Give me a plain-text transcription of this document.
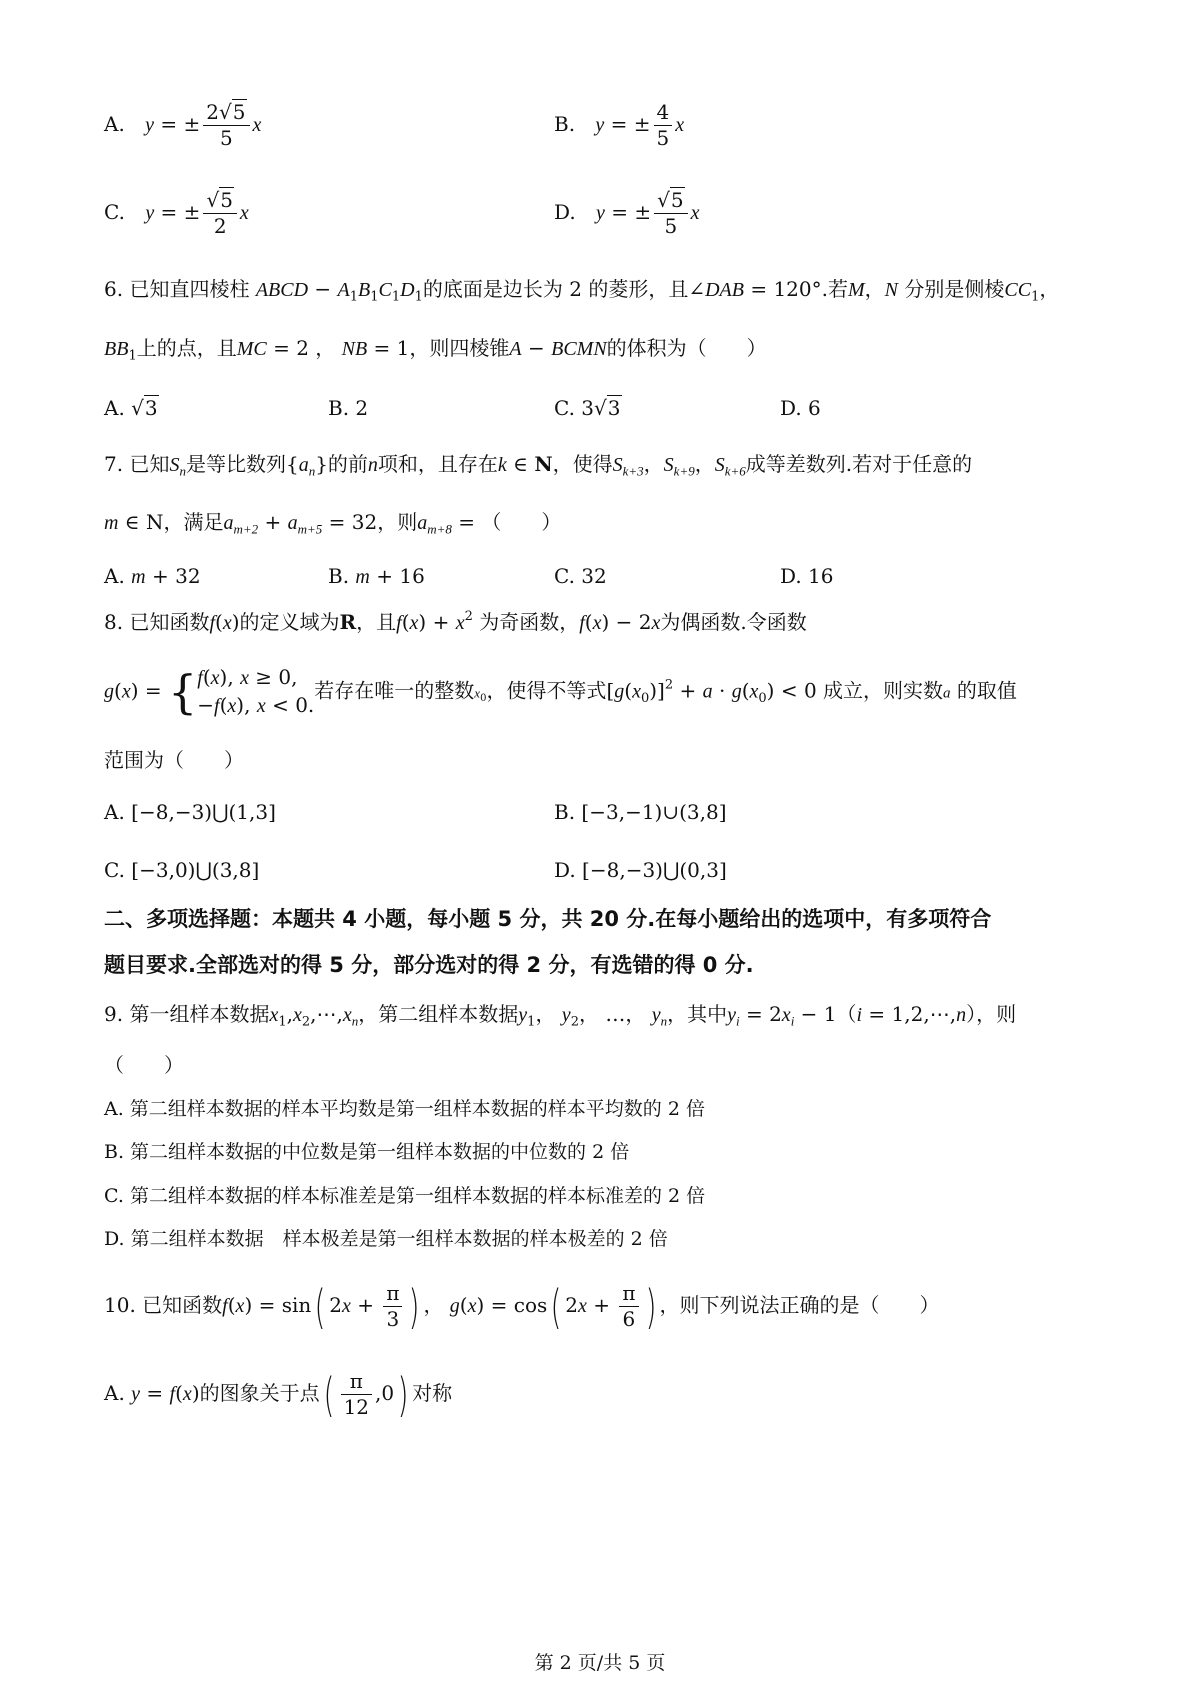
A. y = ± $\frac{2√5}{5}$ x	B. y = ± $\frac{4}{5}$ x
C. y = ± $\frac{√5}{2}$ x	D. y = ± $\frac{√5}{5}$ x
6. 已知直四棱柱 ABCD − $A_1B_1C_1D_1$的底面是边长为 2 的菱形，且∠DAB = 120°.若M，N 分别是侧棱$CC_1$，
$BB_1$上的点，且MC = 2 ， NB = 1，则四棱锥A − BCMN的体积为（　　）
A. √3	B. 2	C. 3√3	D. 6
7. 已知$S_n$是等比数列$\{a_n\}$的前n项和，且存在k ∈ N，使得$S_{k+3}$，$S_{k+9}$，$S_{k+6}$成等差数列.若对于任意的
m ∈ N，满足$a_{m+2} + a_{m+5} = 32$，则$a_{m+8}$ = （　　）
A. m + 32	B. m + 16	C. 32	D. 16
8. 已知函数f(x)的定义域为R，且$f(x) + x^2$ 为奇函数，f(x) − 2x为偶函数.令函数
g(x) = { f(x), x ≥ 0,
−f(x), x < 0.
若存在唯一的整数$x_0$，使得不等式$[g(x_0)]^2 + a \cdot g(x_0) < 0$ 成立，则实数a 的取值
范围为（　　）
A. [−8,−3)⋃(1,3]	B. [−3,−1)∪(3,8]
C. [−3,0)⋃(3,8]	D. [−8,−3)⋃(0,3]
二、多项选择题：本题共 4 小题，每小题 5 分，共 20 分.在每小题给出的选项中，有多项符合
题目要求.全部选对的得 5 分，部分选对的得 2 分，有选错的得 0 分.
9. 第一组样本数据$x_1,x_2,\cdots,x_n$，第二组样本数据$y_1$， $y_2$， …， $y_n$，其中$y_i = 2x_i - 1(i$ = 1,2,⋯,n），则
（　　）
A. 第二组样本数据的样本平均数是第一组样本数据的样本平均数的 2 倍
B. 第二组样本数据的中位数是第一组样本数据的中位数的 2 倍
C. 第二组样本数据的样本标准差是第一组样本数据的样本标准差的 2 倍
D. 第二组样本数据　样本极差是第一组样本数据的样本极差的 2 倍
10. 已知函数f(x) = sin( $2x + \frac{\pi}{3}$ ) ， g(x) = cos( $2x + \frac{\pi}{6}$ ) ，则下列说法正确的是（　　）
A. y = f(x)的图象关于点( $\frac{\pi}{12} ,0$) 对称
第 2 页/共 5 页
